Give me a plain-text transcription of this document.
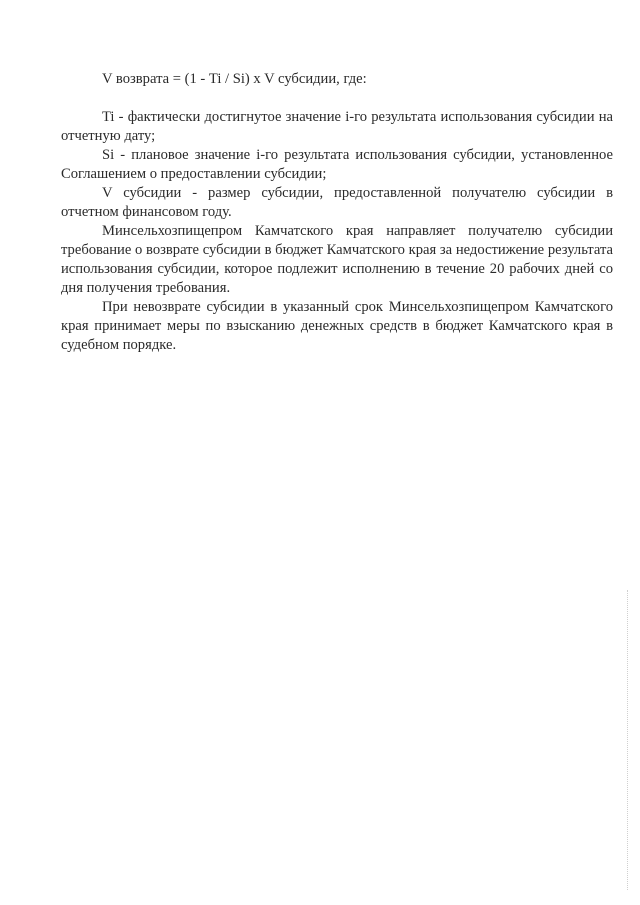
V возврата = (1 - Ti / Si) x V субсидии, где:

Ti - фактически достигнутое значение i-го результата использования субсидии на отчетную дату;

Si - плановое значение i-го результата использования субсидии, установленное Соглашением о предоставлении субсидии;

V субсидии - размер субсидии, предоставленной получателю субсидии в отчетном финансовом году.

Минсельхозпищепром Камчатского края направляет получателю субсидии требование о возврате субсидии в бюджет Камчатского края за недостижение результата использования субсидии, которое подлежит исполнению в течение 20 рабочих дней со дня получения требования.

При невозврате субсидии в указанный срок Минсельхозпищепром Камчатского края принимает меры по взысканию денежных средств в бюджет Камчатского края в судебном порядке.
